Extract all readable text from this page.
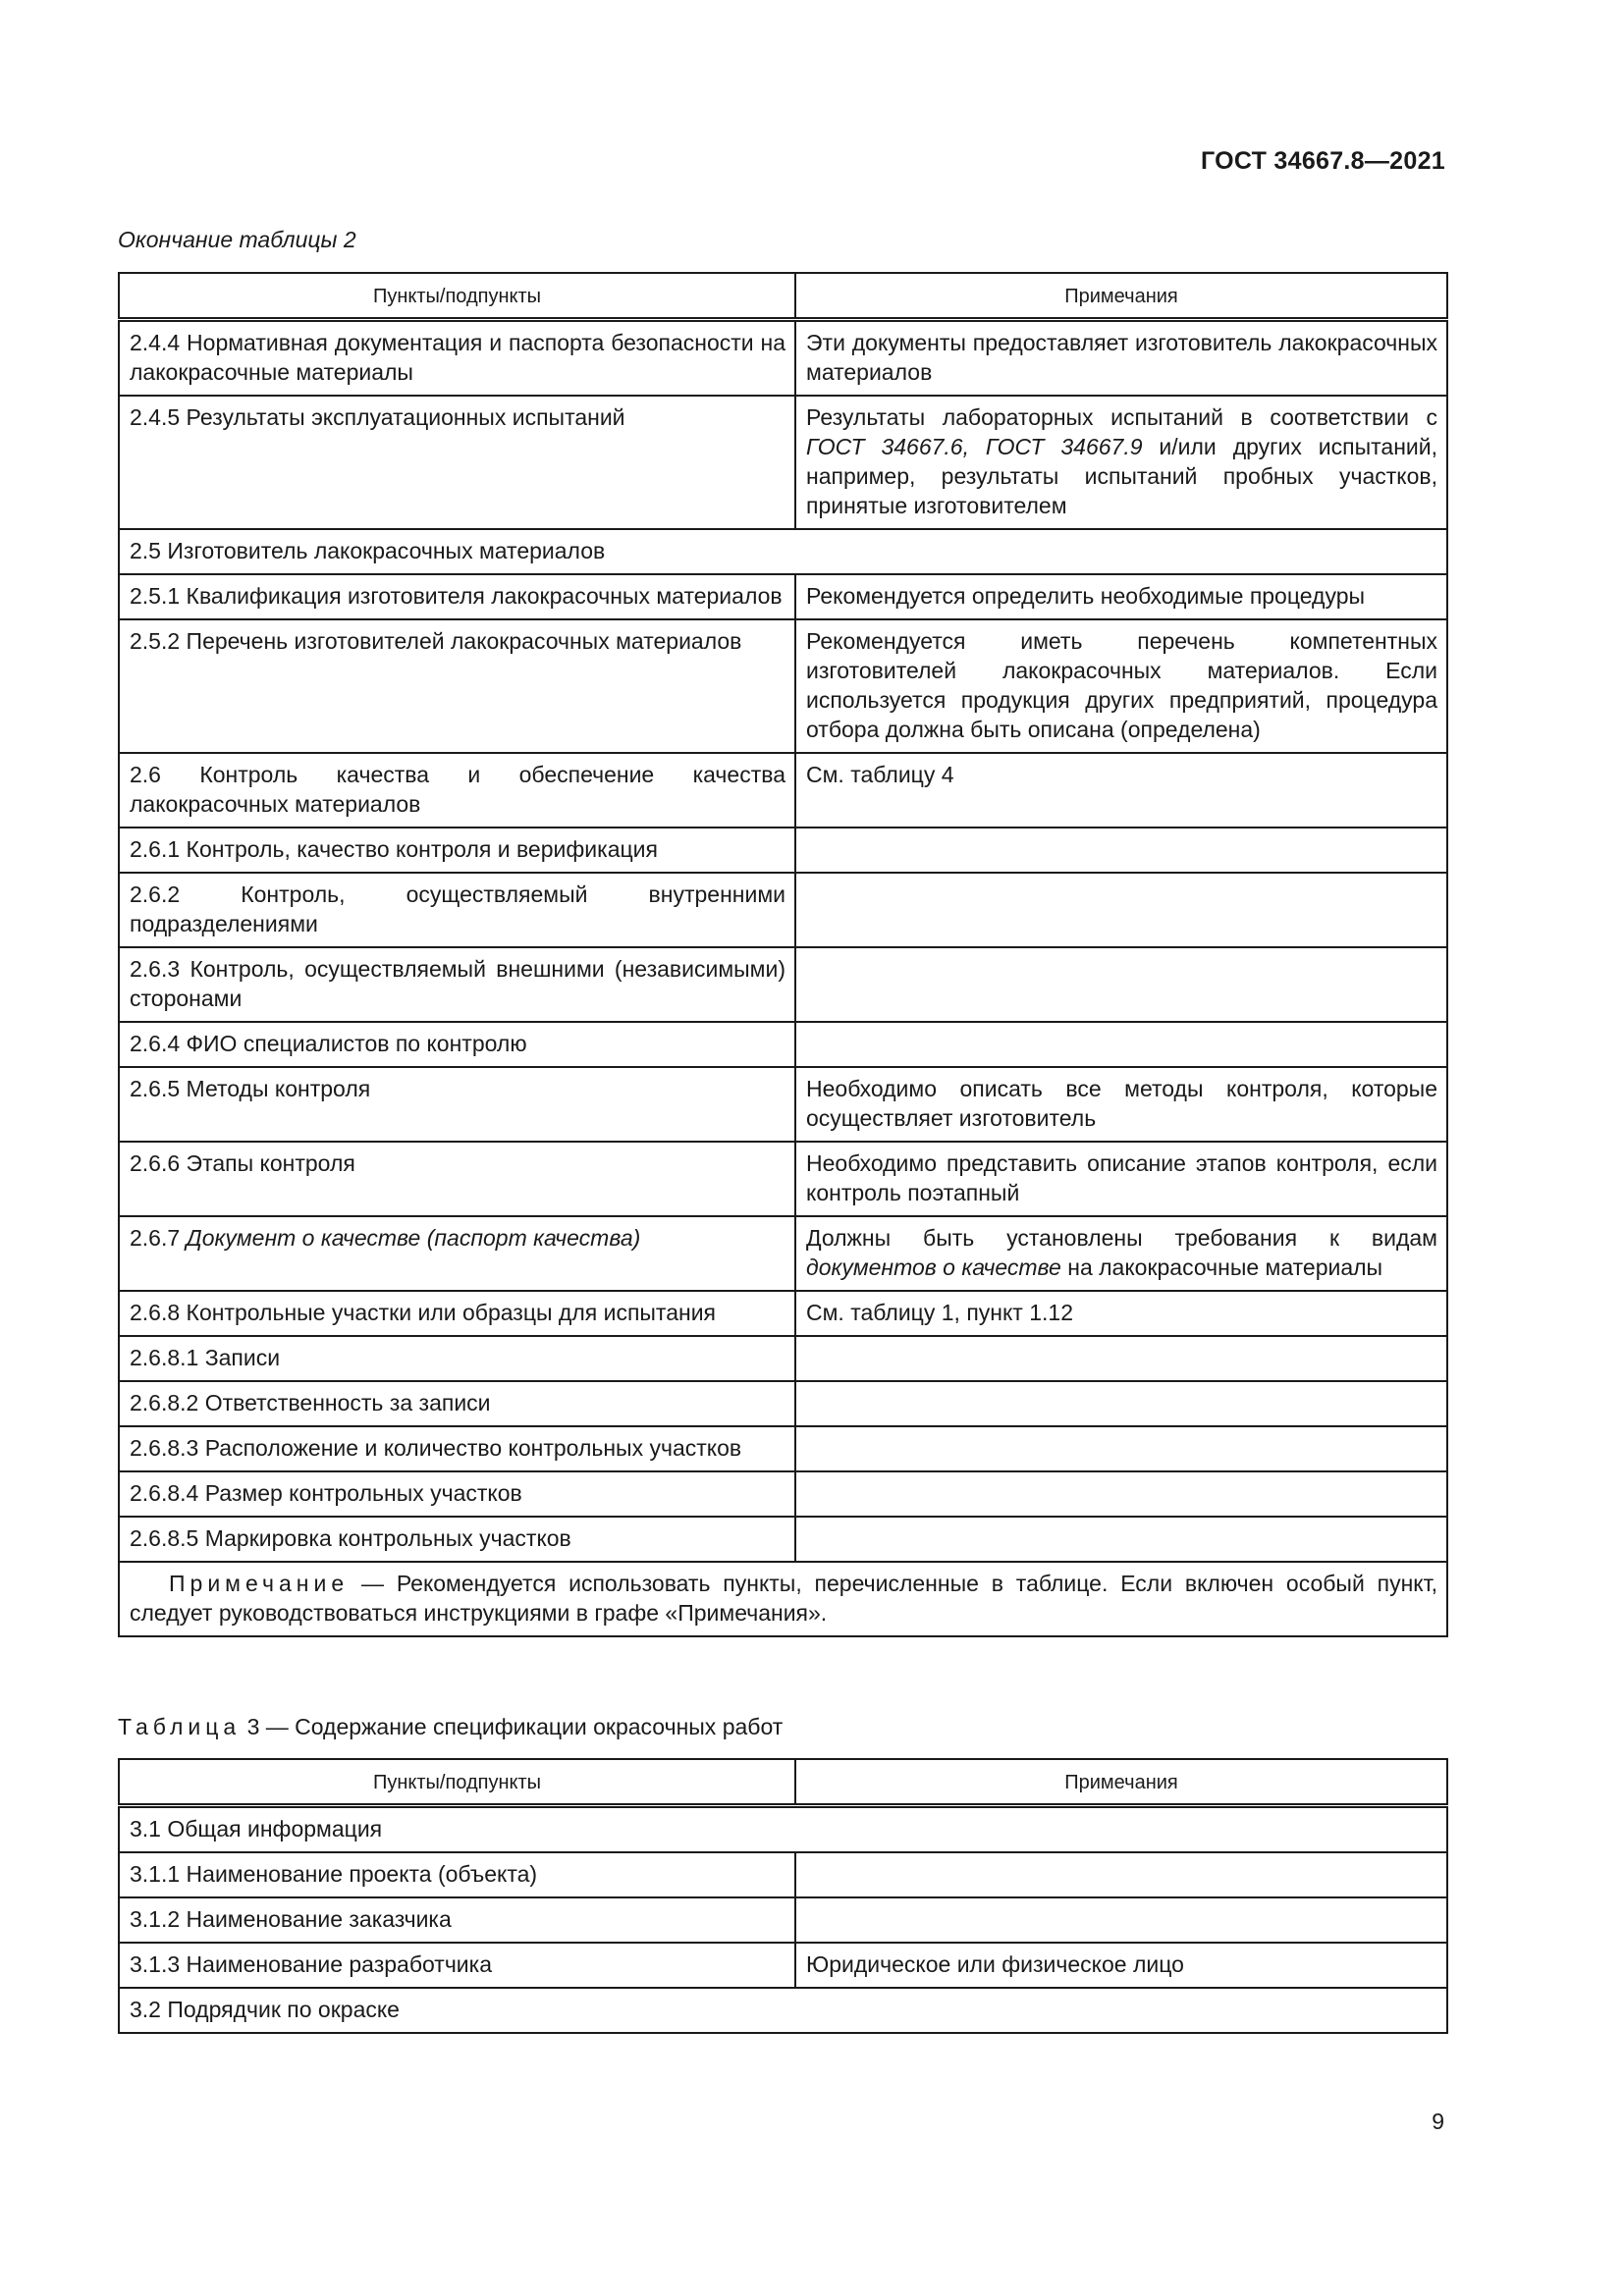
ГОСТ 34667.8—2021
Окончание таблицы 2
Пункты/подпункты	Примечания
2.4.4 Нормативная документация и паспорта безопасности на лакокрасочные материалы	Эти документы предоставляет изготовитель лакокрасочных материалов
2.4.5 Результаты эксплуатационных испытаний	Результаты лабораторных испытаний в соответствии с ГОСТ 34667.6, ГОСТ 34667.9 и/или других испытаний, например, результаты испытаний пробных участков, принятые изготовителем
2.5 Изготовитель лакокрасочных материалов	
2.5.1 Квалификация изготовителя лакокрасочных материалов	Рекомендуется определить необходимые процедуры
2.5.2 Перечень изготовителей лакокрасочных материалов	Рекомендуется иметь перечень компетентных изготовителей лакокрасочных материалов. Если используется продукция других предприятий, процедура отбора должна быть описана (определена)
2.6 Контроль качества и обеспечение качества лакокрасочных материалов	См. таблицу 4
2.6.1 Контроль, качество контроля и верификация	
2.6.2 Контроль, осуществляемый внутренними подразделениями	
2.6.3 Контроль, осуществляемый внешними (независимыми) сторонами	
2.6.4 ФИО специалистов по контролю	
2.6.5 Методы контроля	Необходимо описать все методы контроля, которые осуществляет изготовитель
2.6.6 Этапы контроля	Необходимо представить описание этапов контроля, если контроль поэтапный
2.6.7 Документ о качестве (паспорт качества)	Должны быть установлены требования к видам документов о качестве на лакокрасочные материалы
2.6.8 Контрольные участки или образцы для испытания	См. таблицу 1, пункт 1.12
2.6.8.1 Записи	
2.6.8.2 Ответственность за записи	
2.6.8.3 Расположение и количество контрольных участков	
2.6.8.4 Размер контрольных участков	
2.6.8.5 Маркировка контрольных участков	
Примечание — Рекомендуется использовать пункты, перечисленные в таблице. Если включен особый пункт, следует руководствоваться инструкциями в графе «Примечания».	
Таблица 3 — Содержание спецификации окрасочных работ
Пункты/подпункты	Примечания
3.1 Общая информация	
3.1.1 Наименование проекта (объекта)	
3.1.2 Наименование заказчика	
3.1.3 Наименование разработчика	Юридическое или физическое лицо
3.2 Подрядчик по окраске	
9
